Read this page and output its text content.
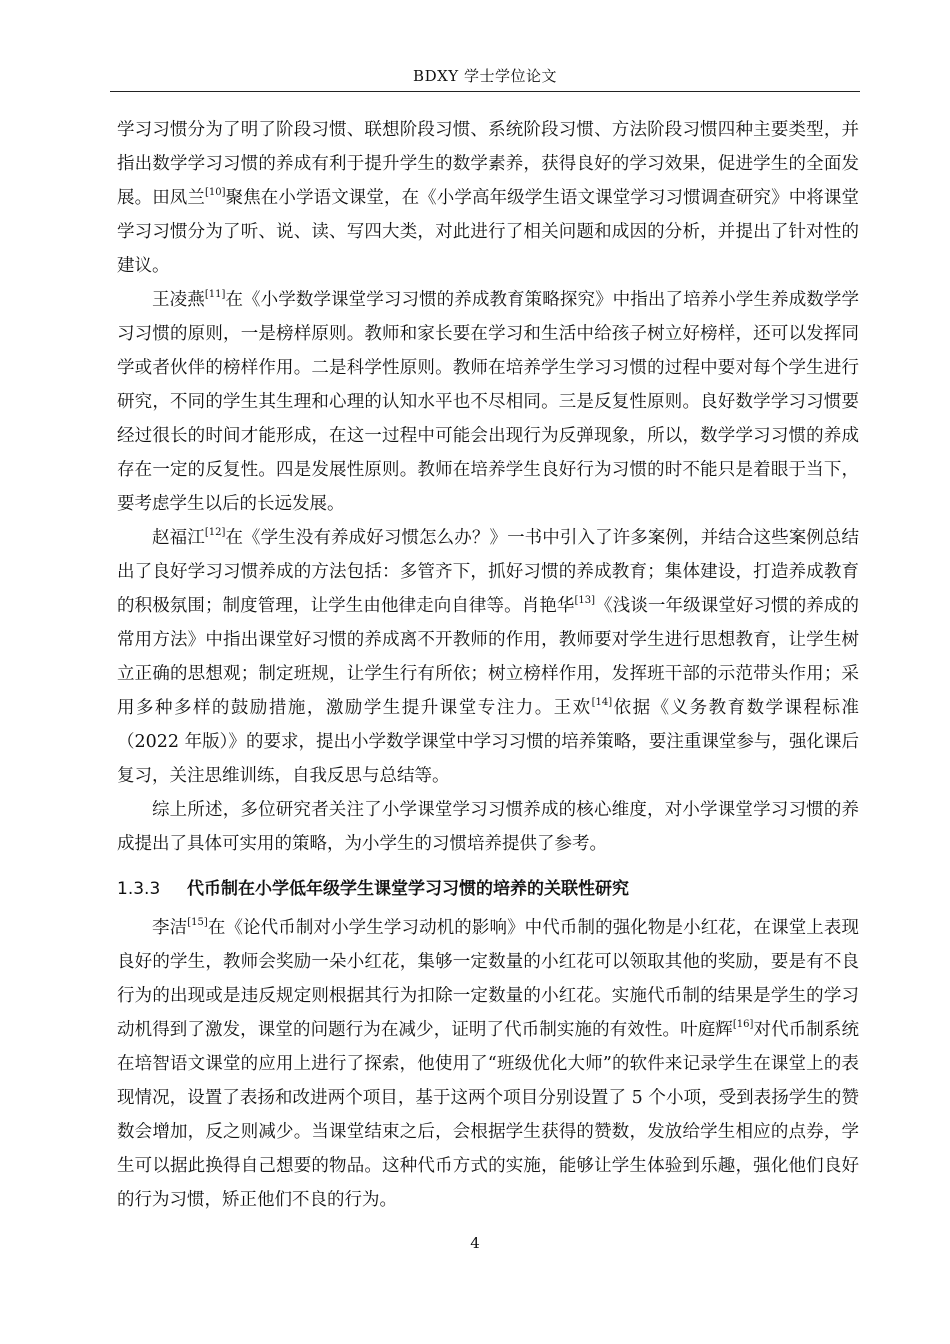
BDXY 学士学位论文

学习习惯分为了明了阶段习惯、联想阶段习惯、系统阶段习惯、方法阶段习惯四种主要类型，并指出数学学习习惯的养成有利于提升学生的数学素养，获得良好的学习效果，促进学生的全面发展。田凤兰[10]聚焦在小学语文课堂，在《小学高年级学生语文课堂学习习惯调查研究》中将课堂学习习惯分为了听、说、读、写四大类，对此进行了相关问题和成因的分析，并提出了针对性的建议。

王凌燕[11]在《小学数学课堂学习习惯的养成教育策略探究》中指出了培养小学生养成数学学习习惯的原则，一是榜样原则。教师和家长要在学习和生活中给孩子树立好榜样，还可以发挥同学或者伙伴的榜样作用。二是科学性原则。教师在培养学生学习习惯的过程中要对每个学生进行研究，不同的学生其生理和心理的认知水平也不尽相同。三是反复性原则。良好数学学习习惯要经过很长的时间才能形成，在这一过程中可能会出现行为反弹现象，所以，数学学习习惯的养成存在一定的反复性。四是发展性原则。教师在培养学生良好行为习惯的时不能只是着眼于当下，要考虑学生以后的长远发展。

赵福江[12]在《学生没有养成好习惯怎么办？》一书中引入了许多案例，并结合这些案例总结出了良好学习习惯养成的方法包括：多管齐下，抓好习惯的养成教育；集体建设，打造养成教育的积极氛围；制度管理，让学生由他律走向自律等。肖艳华[13]《浅谈一年级课堂好习惯的养成的常用方法》中指出课堂好习惯的养成离不开教师的作用，教师要对学生进行思想教育，让学生树立正确的思想观；制定班规，让学生行有所依；树立榜样作用，发挥班干部的示范带头作用；采用多种多样的鼓励措施，激励学生提升课堂专注力。王欢[14]依据《义务教育数学课程标准（2022 年版）》的要求，提出小学数学课堂中学习习惯的培养策略，要注重课堂参与，强化课后复习，关注思维训练，自我反思与总结等。

综上所述，多位研究者关注了小学课堂学习习惯养成的核心维度，对小学课堂学习习惯的养成提出了具体可实用的策略，为小学生的习惯培养提供了参考。

1.3.3 代币制在小学低年级学生课堂学习习惯的培养的关联性研究

李洁[15]在《论代币制对小学生学习动机的影响》中代币制的强化物是小红花，在课堂上表现良好的学生，教师会奖励一朵小红花，集够一定数量的小红花可以领取其他的奖励，要是有不良行为的出现或是违反规定则根据其行为扣除一定数量的小红花。实施代币制的结果是学生的学习动机得到了激发，课堂的问题行为在减少，证明了代币制实施的有效性。叶庭辉[16]对代币制系统在培智语文课堂的应用上进行了探索，他使用了“班级优化大师”的软件来记录学生在课堂上的表现情况，设置了表扬和改进两个项目，基于这两个项目分别设置了 5 个小项，受到表扬学生的赞数会增加，反之则减少。当课堂结束之后，会根据学生获得的赞数，发放给学生相应的点券，学生可以据此换得自己想要的物品。这种代币方式的实施，能够让学生体验到乐趣，强化他们良好的行为习惯，矫正他们不良的行为。

4
